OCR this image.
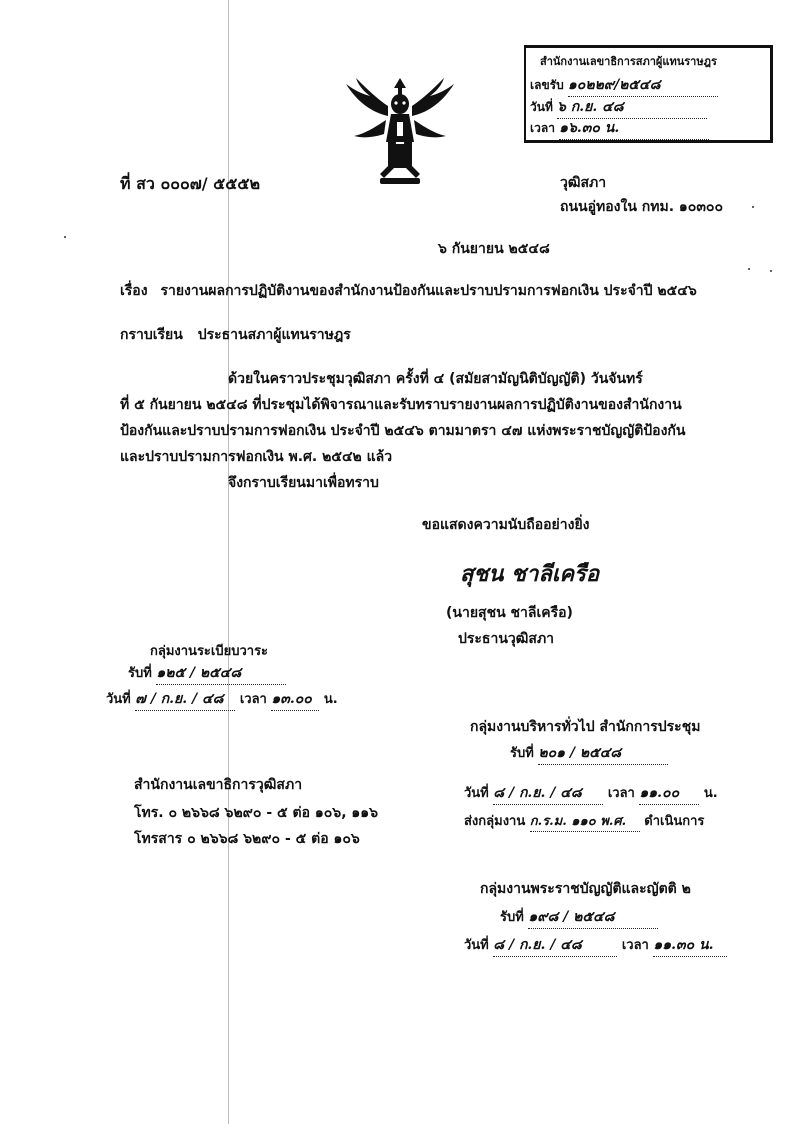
สำนักงานเลขาธิการสภาผู้แทนราษฎร
เลขรับ ๑๐๒๒๙/๒๕๔๘
วันที่ ๖ ก.ย. ๔๘
เวลา ๑๖.๓๐ น.
ที่ สว ๐๐๐๗/ ๕๕๕๒	วุฒิสภา
ถนนอู่ทองใน กทม. ๑๐๓๐๐
๖ กันยายน ๒๕๔๘
เรื่อง รายงานผลการปฏิบัติงานของสำนักงานป้องกันและปราบปรามการฟอกเงิน ประจำปี ๒๕๔๖
กราบเรียน ประธานสภาผู้แทนราษฎร
ด้วยในคราวประชุมวุฒิสภา ครั้งที่ ๔ (สมัยสามัญนิติบัญญัติ) วันจันทร์
ที่ ๕ กันยายน ๒๕๔๘ ที่ประชุมได้พิจารณาและรับทราบรายงานผลการปฏิบัติงานของสำนักงาน
ป้องกันและปราบปรามการฟอกเงิน ประจำปี ๒๕๔๖ ตามมาตรา ๔๗ แห่งพระราชบัญญัติป้องกัน
และปราบปรามการฟอกเงิน พ.ศ. ๒๕๔๒ แล้ว
จึงกราบเรียนมาเพื่อทราบ
ขอแสดงความนับถืออย่างยิ่ง
สุชน ชาลีเครือ
(นายสุชน ชาลีเครือ)
ประธานวุฒิสภา
กลุ่มงานระเบียบวาระ
รับที่ ๑๒๕ / ๒๕๔๘
วันที่ ๗ / ก.ย. / ๔๘ เวลา ๑๓.๐๐ น.
กลุ่มงานบริหารทั่วไป สำนักการประชุม
รับที่ ๒๐๑ / ๒๕๔๘
วันที่ ๘ / ก.ย. / ๔๘ เวลา ๑๑.๐๐ น.
ส่งกลุ่มงาน ก.ร.ม. ๑๑๐ พ.ศ. ดำเนินการ
สำนักงานเลขาธิการวุฒิสภา
โทร. ๐ ๒๖๖๘ ๖๒๙๐ - ๕ ต่อ ๑๐๖, ๑๑๖
โทรสาร ๐ ๒๖๖๘ ๖๒๙๐ - ๕ ต่อ ๑๐๖
กลุ่มงานพระราชบัญญัติและญัตติ ๒
รับที่ ๑๙๘ / ๒๕๔๘
วันที่ ๘ / ก.ย. / ๔๘	เวลา ๑๑.๓๐ น.
